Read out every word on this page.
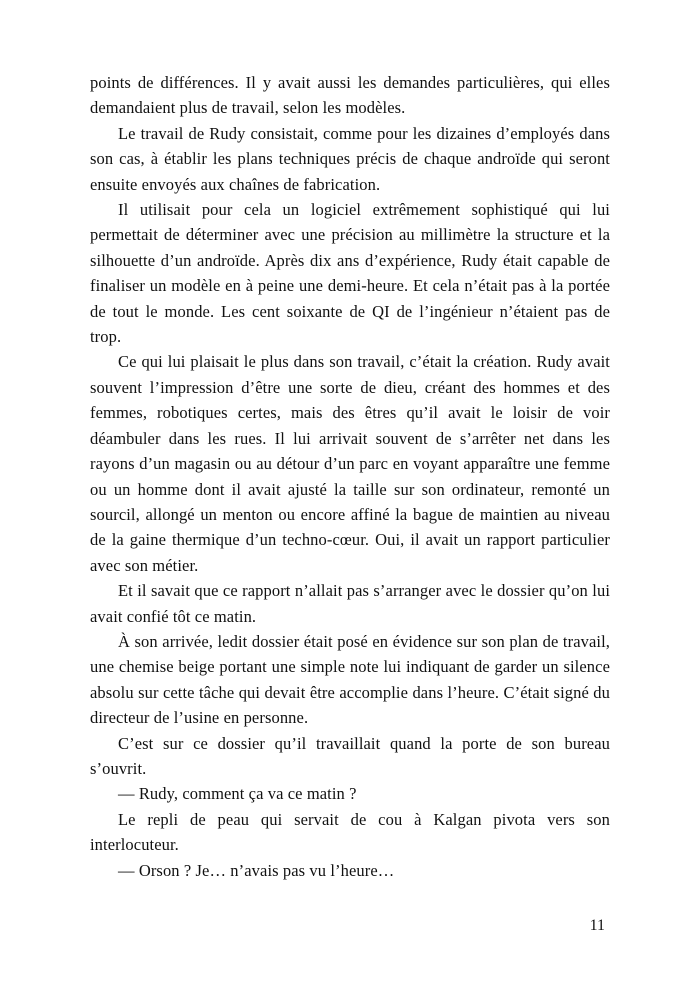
points de différences. Il y avait aussi les demandes particulières, qui elles demandaient plus de travail, selon les modèles.

Le travail de Rudy consistait, comme pour les dizaines d’employés dans son cas, à établir les plans techniques précis de chaque androïde qui seront ensuite envoyés aux chaînes de fabrication.

Il utilisait pour cela un logiciel extrêmement sophistiqué qui lui permettait de déterminer avec une précision au millimètre la structure et la silhouette d’un androïde. Après dix ans d’expérience, Rudy était capable de finaliser un modèle en à peine une demi-heure. Et cela n’était pas à la portée de tout le monde. Les cent soixante de QI de l’ingénieur n’étaient pas de trop.

Ce qui lui plaisait le plus dans son travail, c’était la création. Rudy avait souvent l’impression d’être une sorte de dieu, créant des hommes et des femmes, robotiques certes, mais des êtres qu’il avait le loisir de voir déambuler dans les rues. Il lui arrivait souvent de s’arrêter net dans les rayons d’un magasin ou au détour d’un parc en voyant apparaître une femme ou un homme dont il avait ajusté la taille sur son ordinateur, remonté un sourcil, allongé un menton ou encore affiné la bague de maintien au niveau de la gaine thermique d’un techno-cœur. Oui, il avait un rapport particulier avec son métier.

Et il savait que ce rapport n’allait pas s’arranger avec le dossier qu’on lui avait confié tôt ce matin.

À son arrivée, ledit dossier était posé en évidence sur son plan de travail, une chemise beige portant une simple note lui indiquant de garder un silence absolu sur cette tâche qui devait être accomplie dans l’heure. C’était signé du directeur de l’usine en personne.

C’est sur ce dossier qu’il travaillait quand la porte de son bureau s’ouvrit.

— Rudy, comment ça va ce matin ?

Le repli de peau qui servait de cou à Kalgan pivota vers son interlocuteur.

— Orson ? Je… n’avais pas vu l’heure…

11
